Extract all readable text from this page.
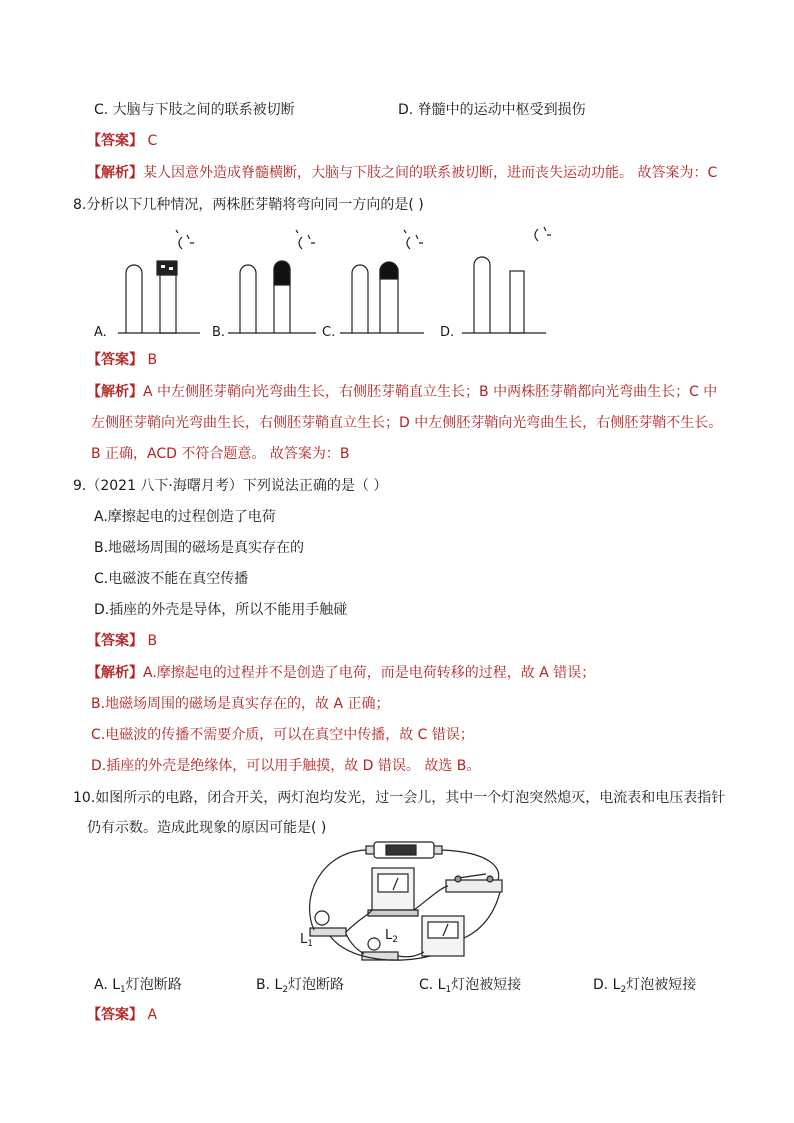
C. 大脑与下肢之间的联系被切断	D. 脊髓中的运动中枢受到损伤
【答案】 C
【解析】某人因意外造成脊髓横断，大脑与下肢之间的联系被切断，进而丧失运动功能。 故答案为：C
8.分析以下几种情况，两株胚芽鞘将弯向同一方向的是( )
A.	B.	C.	D.
【答案】 B
【解析】A 中左侧胚芽鞘向光弯曲生长，右侧胚芽鞘直立生长；B 中两株胚芽鞘都向光弯曲生长；C 中
左侧胚芽鞘向光弯曲生长，右侧胚芽鞘直立生长；D 中左侧胚芽鞘向光弯曲生长，右侧胚芽鞘不生长。
B 正确，ACD 不符合题意。 故答案为：B
9.（2021 八下·海曙月考）下列说法正确的是（ ）
A.摩擦起电的过程创造了电荷
B.地磁场周围的磁场是真实存在的
C.电磁波不能在真空传播
D.插座的外壳是导体，所以不能用手触碰
【答案】 B
【解析】A.摩擦起电的过程并不是创造了电荷，而是电荷转移的过程，故 A 错误；
B.地磁场周围的磁场是真实存在的，故 A 正确；
C.电磁波的传播不需要介质，可以在真空中传播，故 C 错误；
D.插座的外壳是绝缘体，可以用手触摸，故 D 错误。 故选 B。
10.如图所示的电路，闭合开关，两灯泡均发光，过一会儿，其中一个灯泡突然熄灭，电流表和电压表指针
仍有示数。造成此现象的原因可能是( )
$L_1$
$L_2$
A. $L_1$灯泡断路	B. $L_2$灯泡断路	C. $L_1$灯泡被短接	D. $L_2$灯泡被短接
【答案】 A
